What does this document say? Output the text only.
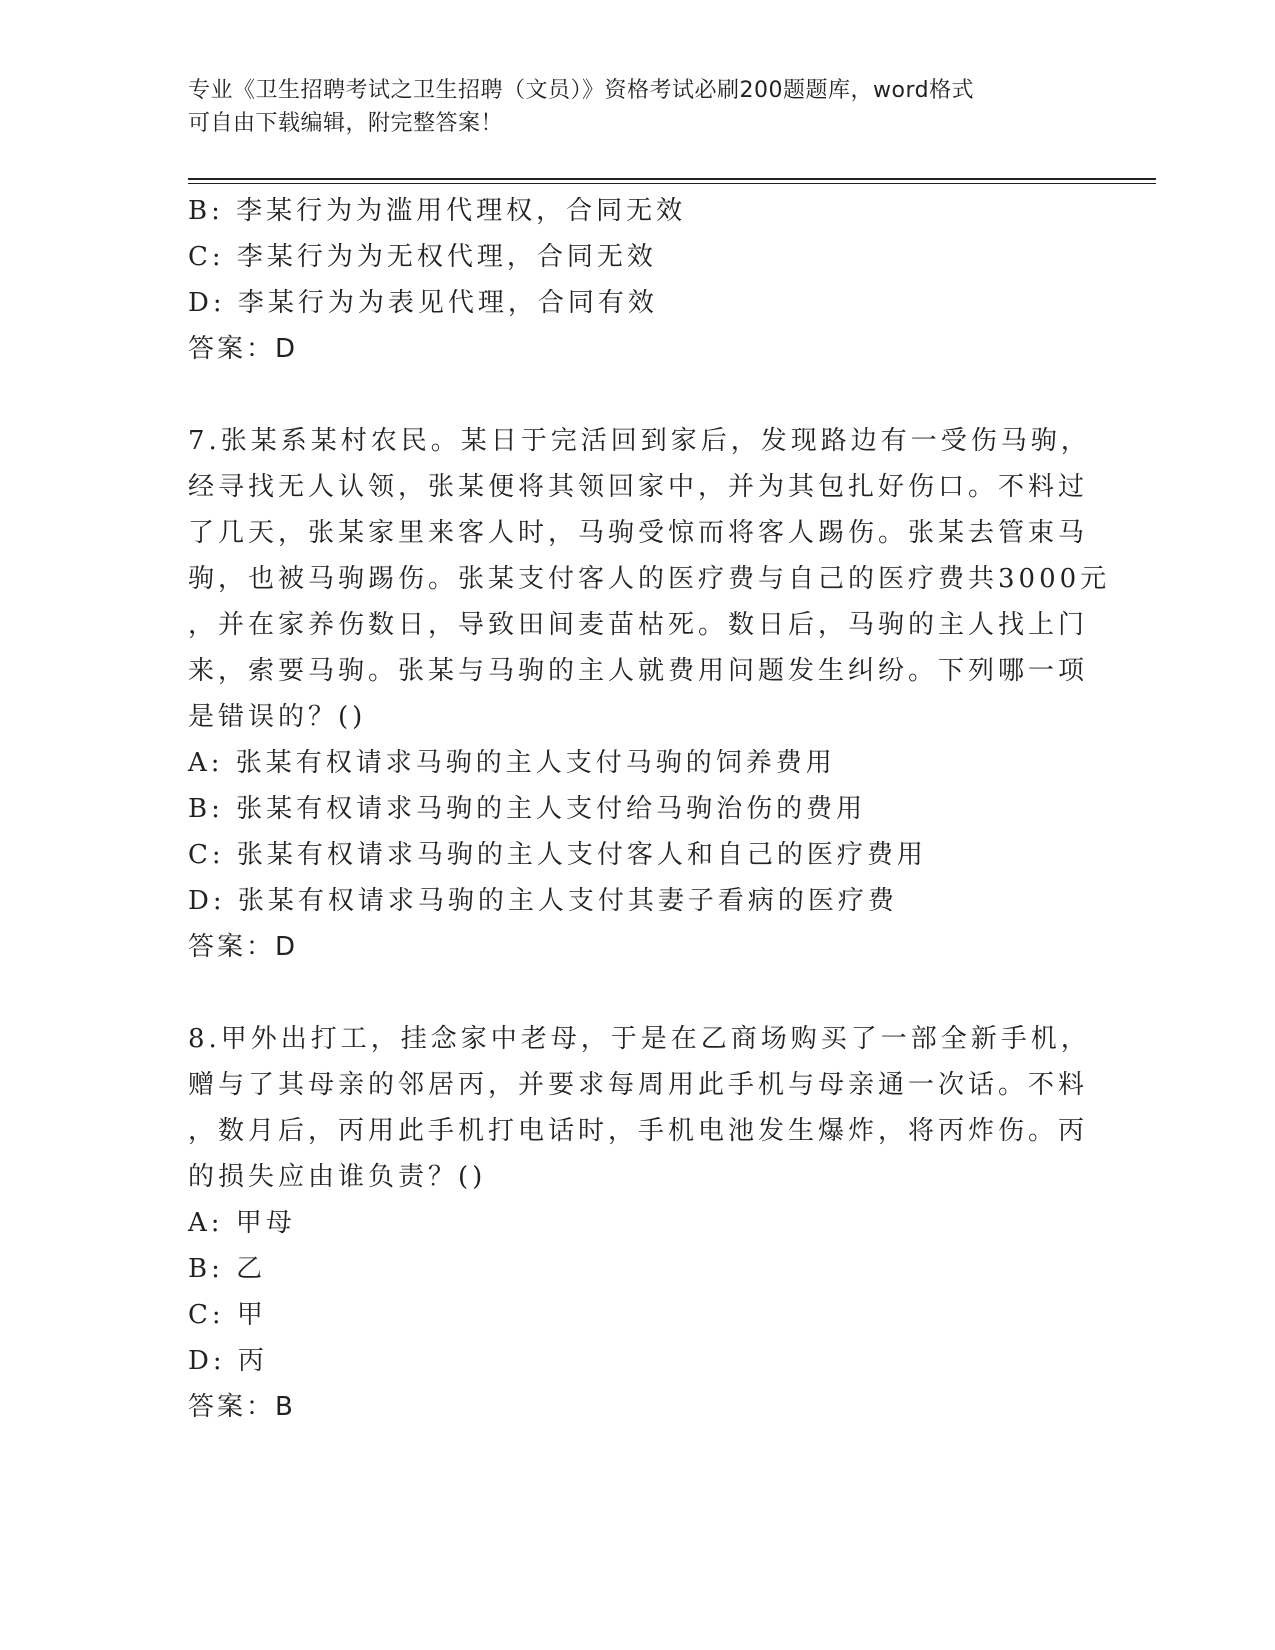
专业《卫生招聘考试之卫生招聘（文员）》资格考试必刷200题题库，word格式
可自由下载编辑，附完整答案！
B: 李某行为为滥用代理权，合同无效
C: 李某行为为无权代理，合同无效
D: 李某行为为表见代理，合同有效
答案：D
7.张某系某村农民。某日于完活回到家后，发现路边有一受伤马驹，
经寻找无人认领，张某便将其领回家中，并为其包扎好伤口。不料过
了几天，张某家里来客人时，马驹受惊而将客人踢伤。张某去管束马
驹，也被马驹踢伤。张某支付客人的医疗费与自己的医疗费共3000元
，并在家养伤数日，导致田间麦苗枯死。数日后，马驹的主人找上门
来，索要马驹。张某与马驹的主人就费用问题发生纠纷。下列哪一项
是错误的？()
A: 张某有权请求马驹的主人支付马驹的饲养费用
B: 张某有权请求马驹的主人支付给马驹治伤的费用
C: 张某有权请求马驹的主人支付客人和自己的医疗费用
D: 张某有权请求马驹的主人支付其妻子看病的医疗费
答案：D
8.甲外出打工，挂念家中老母，于是在乙商场购买了一部全新手机，
赠与了其母亲的邻居丙，并要求每周用此手机与母亲通一次话。不料
，数月后，丙用此手机打电话时，手机电池发生爆炸，将丙炸伤。丙
的损失应由谁负责？()
A: 甲母
B: 乙
C: 甲
D: 丙
答案：B
